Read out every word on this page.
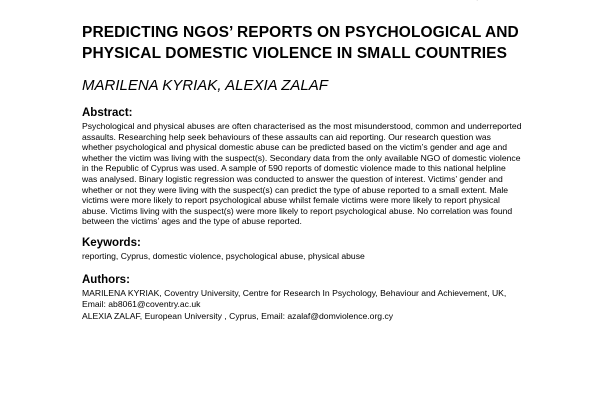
PREDICTING NGOS’ REPORTS ON PSYCHOLOGICAL AND PHYSICAL DOMESTIC VIOLENCE IN SMALL COUNTRIES
MARILENA KYRIAK, ALEXIA ZALAF
Abstract:

Psychological and physical abuses are often characterised as the most misunderstood, common and underreported assaults. Researching help seek behaviours of these assaults can aid reporting. Our research question was whether psychological and physical domestic abuse can be predicted based on the victim’s gender and age and whether the victim was living with the suspect(s). Secondary data from the only available NGO of domestic violence in the Republic of Cyprus was used. A sample of 590 reports of domestic violence made to this national helpline was analysed. Binary logistic regression was conducted to answer the question of interest. Victims’ gender and whether or not they were living with the suspect(s) can predict the type of abuse reported to a small extent. Male victims were more likely to report psychological abuse whilst female victims were more likely to report physical abuse. Victims living with the suspect(s) were more likely to report psychological abuse. No correlation was found between the victims’ ages and the type of abuse reported.

Keywords:

reporting, Cyprus, domestic violence, psychological abuse, physical abuse

Authors:

MARILENA KYRIAK, Coventry University, Centre for Research In Psychology, Behaviour and Achievement, UK, Email: ab8061@coventry.ac.uk

ALEXIA ZALAF, European University , Cyprus, Email: azalaf@domviolence.org.cy
